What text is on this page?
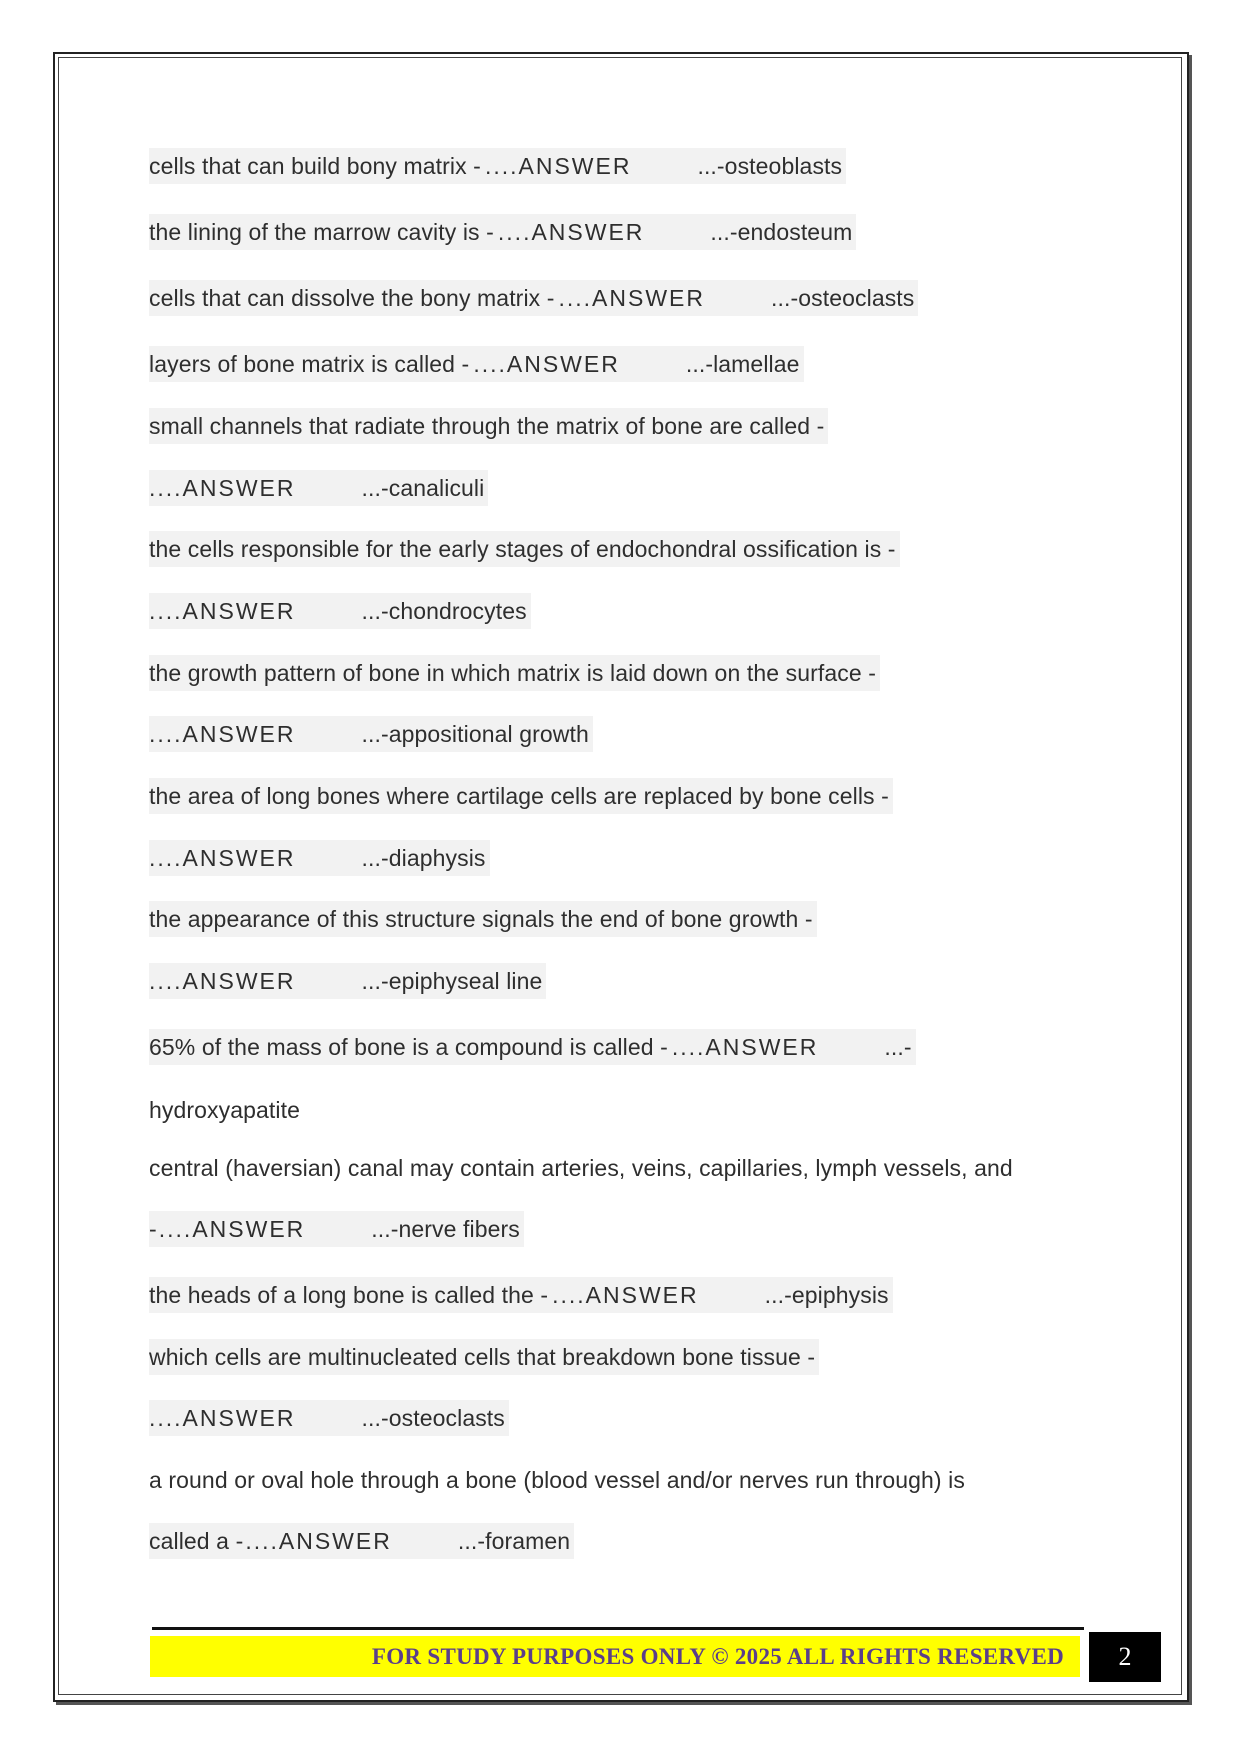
cells that can build bony matrix - ....ANSWER	...-osteoblasts
the lining of the marrow cavity is - ....ANSWER	...-endosteum
cells that can dissolve the bony matrix - ....ANSWER	...-osteoclasts
layers of bone matrix is called - ....ANSWER	...-lamellae
small channels that radiate through the matrix of bone are called -
....ANSWER	...-canaliculi
the cells responsible for the early stages of endochondral ossification is -
....ANSWER	...-chondrocytes
the growth pattern of bone in which matrix is laid down on the surface -
....ANSWER	...-appositional growth
the area of long bones where cartilage cells are replaced by bone cells -
....ANSWER	...-diaphysis
the appearance of this structure signals the end of bone growth -
....ANSWER	...-epiphyseal line
65% of the mass of bone is a compound is called - ....ANSWER	...-
hydroxyapatite
central (haversian) canal may contain arteries, veins, capillaries, lymph vessels, and
- ....ANSWER	...-nerve fibers
the heads of a long bone is called the - ....ANSWER	...-epiphysis
which cells are multinucleated cells that breakdown bone tissue -
....ANSWER	...-osteoclasts
a round or oval hole through a bone (blood vessel and/or nerves run through) is
called a - ....ANSWER	...-foramen
FOR STUDY PURPOSES ONLY © 2025 ALL RIGHTS RESERVED	2
